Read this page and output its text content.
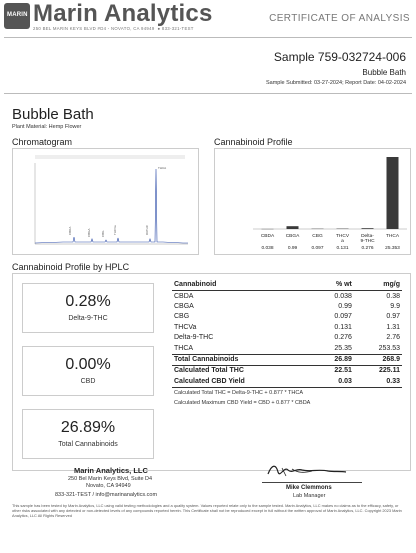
MARIN Marin Analytics
250 BEL MARIN KEYS BLVD #D4 - NOVATO, CA 94949 ● 833-321-TEST
CERTIFICATE OF ANALYSIS
Sample 759-032724-006
Bubble Bath
Sample Submitted: 03-27-2024; Report Date: 04-02-2024
Bubble Bath
Plant Material: Hemp Flower
Chromatogram
CBDA	CBGA	CBG	THCVa	D9THC
THCA
Cannabinoid Profile
CBDA
0.038
CBGA
0.99
CBG
0.097
THCV
a
0.131
Delta-
9-THC
0.276
THCA
25.353
Cannabinoid Profile by HPLC
0.28%
Delta-9-THC
0.00%
CBD
26.89%
Total Cannabinoids
Cannabinoid	% wt	mg/g
CBDA	0.038	0.38
CBGA	0.99	9.9
CBG	0.097	0.97
THCVa	0.131	1.31
Delta-9-THC	0.276	2.76
THCA	25.35	253.53
Total Cannabinoids	26.89	268.9
Calculated Total THC	22.51	225.11
Calculated CBD Yield	0.03	0.33
Calculated Total THC = Delta-9-THC + 0.877 * THCA		
Calculated Maximum CBD Yield = CBD + 0.877 * CBDA		
Marin Analytics, LLC
250 Bel Marin Keys Blvd, Suite D4
Novato, CA 94949
833-321-TEST / info@marinanalytics.com
Mike Clemmons
Lab Manager
This sample has been tested by Marin Analytics, LLC using valid testing methodologies and a quality system. Values reported relate only to the sample tested. Marin Analytics, LLC makes no claims as to the efficacy, safety, or other risks associated with any detected or non-detected levels of any compounds reported herein. This Certificate shall not be reproduced except in full without the written approval of Marin Analytics, LLC. Copyright 2023 Marin Analytics, LLC All Rights Reserved
